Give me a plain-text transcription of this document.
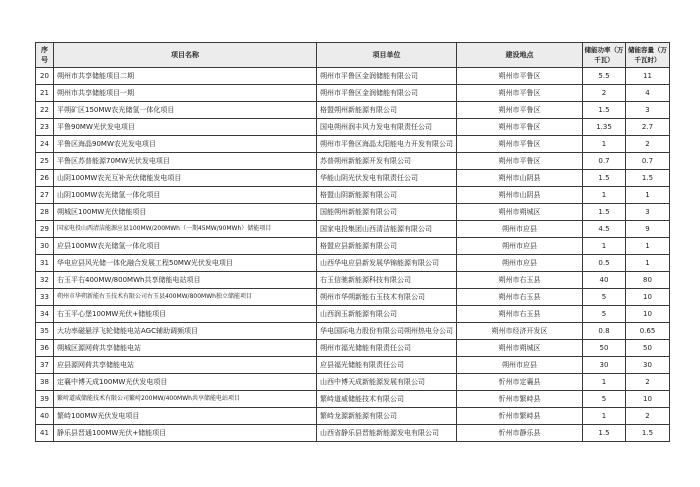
序号	项目名称	项目单位	建设地点	储能功率（万千瓦）	储能容量（万千瓦时）
20	朔州市共享储能项目二期	朔州市平鲁区金润储能有限公司	朔州市平鲁区	5.5	11
21	朔州市共享储能项目一期	朔州市平鲁区金润储能有限公司	朔州市平鲁区	2	4
22	平朔矿区150MW农光储氢一体化项目	格盟朔州新能源有限公司	朔州市平鲁区	1.5	3
23	平鲁90MW光伏发电项目	国电朔州润丰风力发电有限责任公司	朔州市平鲁区	1.35	2.7
24	平鲁区海晶90MW农光发电项目	朔州市平鲁区海晶太阳能电力开发有限公司	朔州市平鲁区	1	2
25	平鲁区苏普能源70MW光伏发电项目	苏普朔州新能源开发有限公司	朔州市平鲁区	0.7	0.7
26	山阴100MW农光互补光伏储能发电项目	华能山阴光伏发电有限责任公司	朔州市山阴县	1.5	1.5
27	山阴100MW农光储氢一体化项目	格盟山阴新能源有限公司	朔州市山阴县	1	1
28	朔城区100MW光伏储能项目	国能朔州新能源有限公司	朔州市朔城区	1.5	3
29	国家电投山西清洁能源应县100MW/200MWh（一期45MW/90MWh）储能项目	国家电投集团山西清洁能源有限公司	朔州市应县	4.5	9
30	应县100MW农光储氢一体化项目	格盟应县新能源有限公司	朔州市应县	1	1
31	华电应县风光储一体化融合发展工程50MW光伏发电项目	山西华电应县新发展华锦能源有限公司	朔州市应县	0.5	1
32	右玉平右400MW/800MWh共享储能电站项目	右玉信驰新能源科技有限公司	朔州市右玉县	40	80
33	朔州市华朔新能右玉技术有限公司右玉县400MW/800MWh独立储能项目	朔州市华朔新能右玉技术有限公司	朔州市右玉县	5	10
34	右玉平心堡100MW光伏+储能项目	山西润玉新能源有限公司	朔州市右玉县	5	10
35	大功率磁悬浮飞轮储能电站AGC辅助调频项目	华电国际电力股份有限公司朔州热电分公司	朔州市经济开发区	0.8	0.65
36	朔城区源网荷共享储能电站	朔州市福光储能有限责任公司	朔州市朔城区	50	50
37	应县源网荷共享储能电站	应县福光储能有限责任公司	朔州市应县	30	30
38	定襄中博天成100MW光伏发电项目	山西中博天成新能源发展有限公司	忻州市定襄县	1	2
39	繁峙道威储能技术有限公司繁峙200MW/400MWh共享储能电站项目	繁峙道威储能技术有限公司	忻州市繁峙县	5	10
40	繁峙100MW光伏发电项目	繁峙龙源新能源有限公司	忻州市繁峙县	1	2
41	静乐县晋通100MW光伏+储能项目	山西省静乐县晋能新能源发电有限公司	忻州市静乐县	1.5	1.5
